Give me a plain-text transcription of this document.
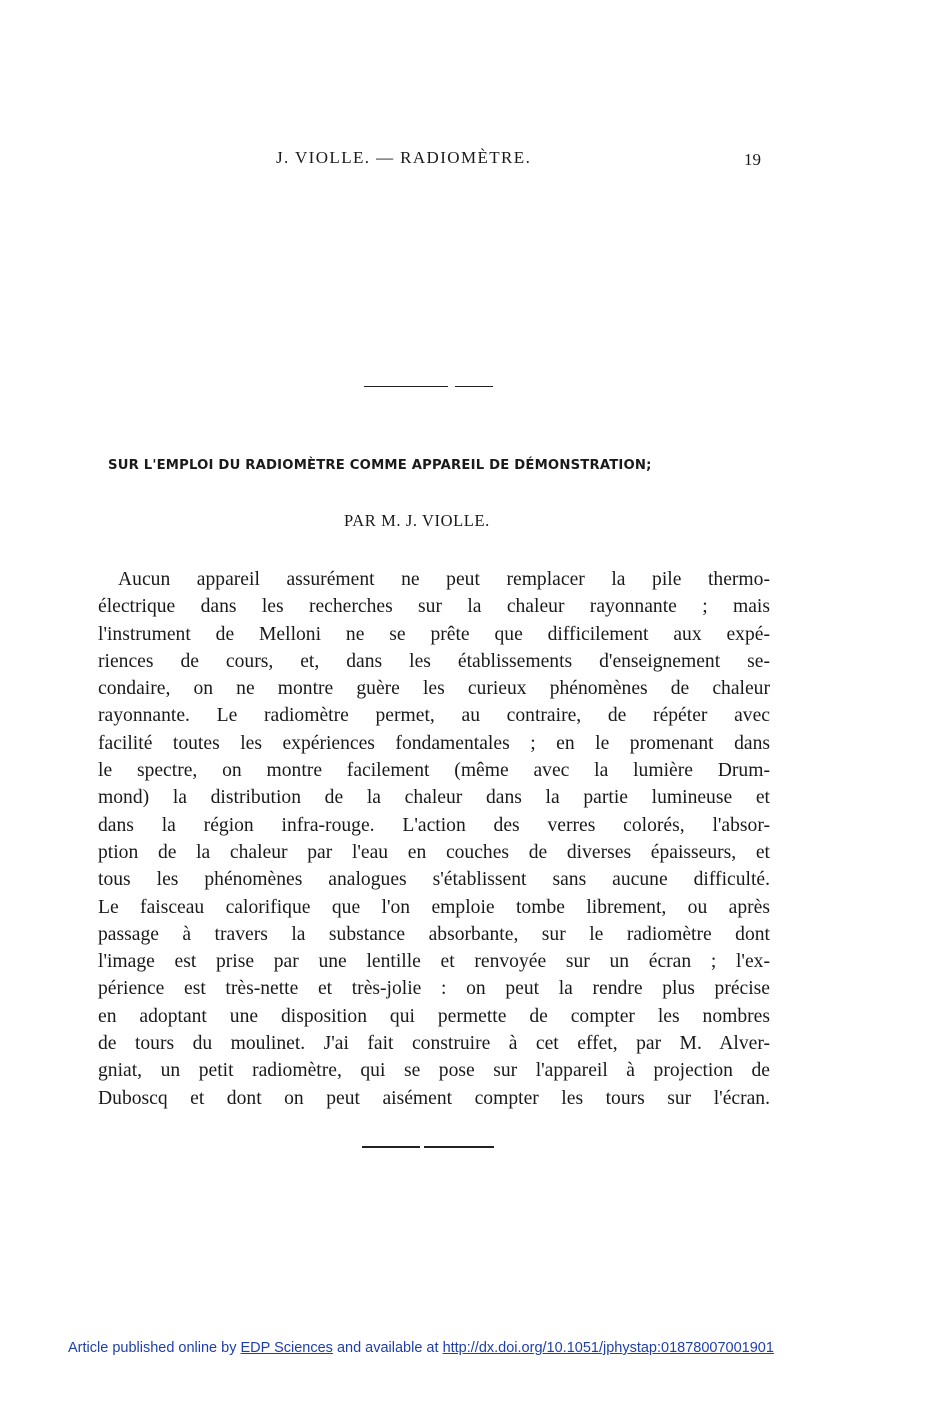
J. VIOLLE. — RADIOMÈTRE.	19
SUR L'EMPLOI DU RADIOMÈTRE COMME APPAREIL DE DÉMONSTRATION;
PAR M. J. VIOLLE.
Aucun appareil assurément ne peut remplacer la pile thermo-
électrique dans les recherches sur la chaleur rayonnante ; mais
l'instrument de Melloni ne se prête que difficilement aux expé-
riences de cours, et, dans les établissements d'enseignement se-
condaire, on ne montre guère les curieux phénomènes de chaleur
rayonnante. Le radiomètre permet, au contraire, de répéter avec
facilité toutes les expériences fondamentales ; en le promenant dans
le spectre, on montre facilement (même avec la lumière Drum-
mond) la distribution de la chaleur dans la partie lumineuse et
dans la région infra-rouge. L'action des verres colorés, l'absor-
ption de la chaleur par l'eau en couches de diverses épaisseurs, et
tous les phénomènes analogues s'établissent sans aucune difficulté.
Le faisceau calorifique que l'on emploie tombe librement, ou après
passage à travers la substance absorbante, sur le radiomètre dont
l'image est prise par une lentille et renvoyée sur un écran ; l'ex-
périence est très-nette et très-jolie : on peut la rendre plus précise
en adoptant une disposition qui permette de compter les nombres
de tours du moulinet. J'ai fait construire à cet effet, par M. Alver-
gniat, un petit radiomètre, qui se pose sur l'appareil à projection de
Duboscq et dont on peut aisément compter les tours sur l'écran.
Article published online by EDP Sciences and available at http://dx.doi.org/10.1051/jphystap:01878007001901
